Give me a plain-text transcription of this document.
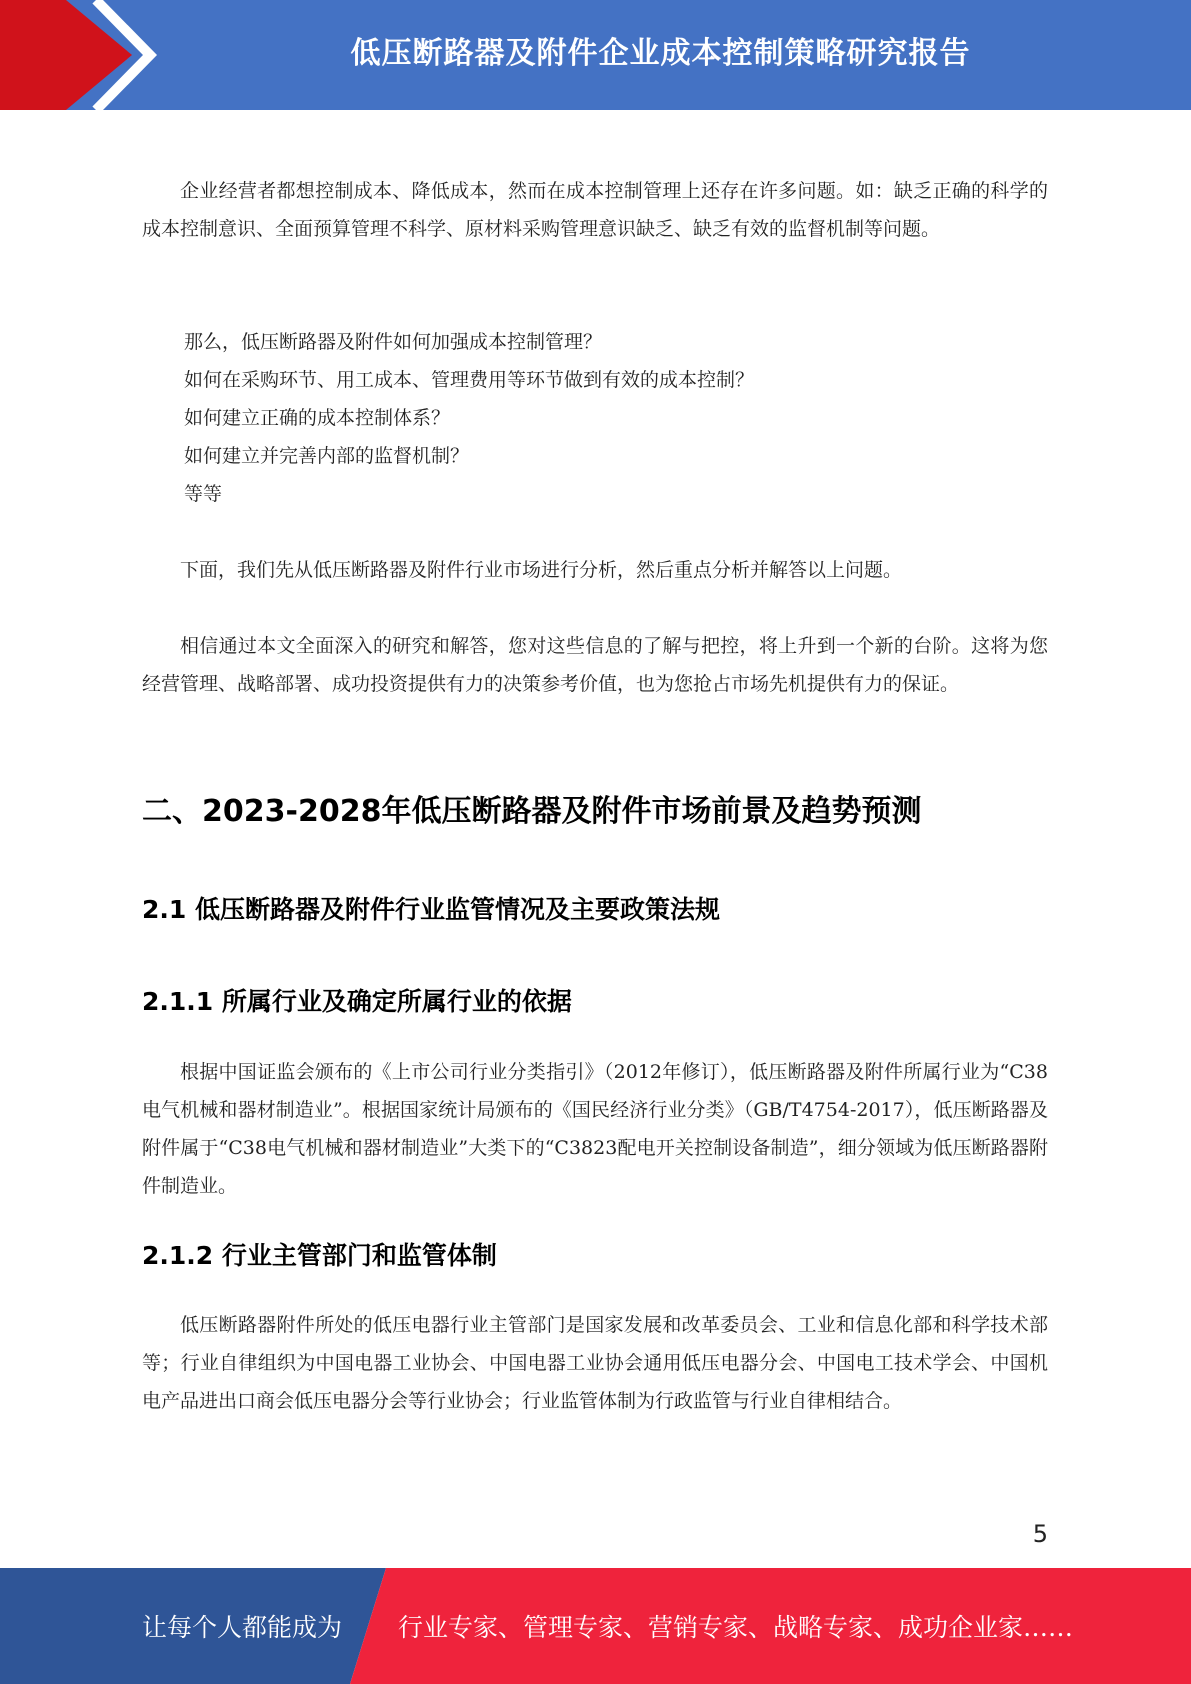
低压断路器及附件企业成本控制策略研究报告

企业经营者都想控制成本、降低成本，然而在成本控制管理上还存在许多问题。如：缺乏正确的科学的成本控制意识、全面预算管理不科学、原材料采购管理意识缺乏、缺乏有效的监督机制等问题。

那么，低压断路器及附件如何加强成本控制管理？

如何在采购环节、用工成本、管理费用等环节做到有效的成本控制？

如何建立正确的成本控制体系？

如何建立并完善内部的监督机制？

等等

下面，我们先从低压断路器及附件行业市场进行分析，然后重点分析并解答以上问题。

相信通过本文全面深入的研究和解答，您对这些信息的了解与把控，将上升到一个新的台阶。这将为您经营管理、战略部署、成功投资提供有力的决策参考价值，也为您抢占市场先机提供有力的保证。

二、2023-2028年低压断路器及附件市场前景及趋势预测
2.1 低压断路器及附件行业监管情况及主要政策法规
2.1.1 所属行业及确定所属行业的依据

根据中国证监会颁布的《上市公司行业分类指引》（2012年修订），低压断路器及附件所属行业为“C38电气机械和器材制造业”。根据国家统计局颁布的《国民经济行业分类》（GB/T4754-2017），低压断路器及附件属于“C38电气机械和器材制造业”大类下的“C3823配电开关控制设备制造”，细分领域为低压断路器附件制造业。

2.1.2 行业主管部门和监管体制

低压断路器附件所处的低压电器行业主管部门是国家发展和改革委员会、工业和信息化部和科学技术部等；行业自律组织为中国电器工业协会、中国电器工业协会通用低压电器分会、中国电工技术学会、中国机电产品进出口商会低压电器分会等行业协会；行业监管体制为行政监管与行业自律相结合。

5
让每个人都能成为 行业专家、管理专家、营销专家、战略专家、成功企业家……
